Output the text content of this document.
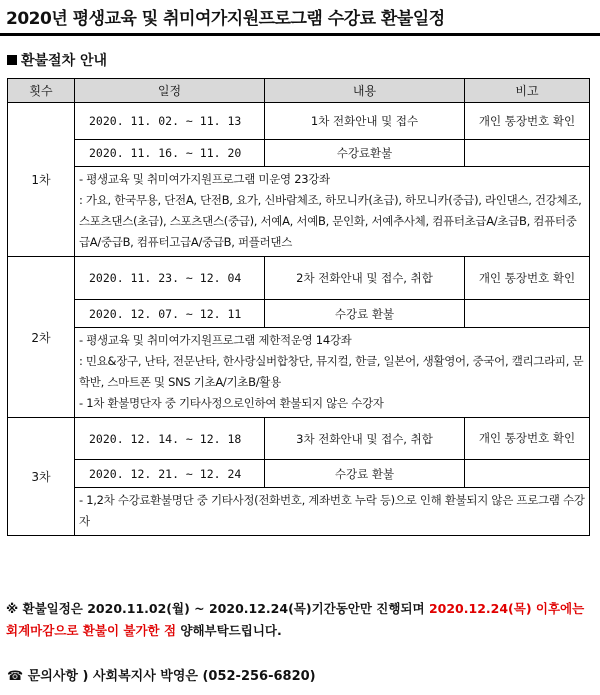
2020년 평생교육 및 취미여가지원프로그램 수강료 환불일정
환불절차 안내
횟수	일정	내용	비고
1차	2020. 11. 02. ~ 11. 13	1차 전화안내 및 접수	개인 통장번호 확인
	2020. 11. 16. ~ 11. 20	수강료환불	

	- 평생교육 및 취미여가지원프로그램 미운영 23강좌
: 가요, 한국무용, 단전A, 단전B, 요가, 신바람체조, 하모니카(초급), 하모니카(중급), 라인댄스, 건강체조, 스포츠댄스(초급), 스포츠댄스(중급), 서예A, 서예B, 문인화, 서예추사체, 컴퓨터초급A/초급B, 컴퓨터중급A/중급B, 컴퓨터고급A/중급B, 퍼플러댄스		

2차	2020. 11. 23. ~ 12. 04	2차 전화안내 및 접수, 취합	개인 통장번호 확인
	2020. 12. 07. ~ 12. 11	수강료 환불	

	- 평생교육 및 취미여가지원프로그램 제한적운영 14강좌
: 민요&장구, 난타, 전문난타, 한사랑실버합창단, 뮤지컬, 한글, 일본어, 생활영어, 중국어, 캘리그라피, 문학반, 스마트폰 및 SNS 기초A/기초B/활용
- 1차 환불명단자 중 기타사정으로인하여 환불되지 않은 수강자		

3차	2020. 12. 14. ~ 12. 18	3차 전화안내 및 접수, 취합	개인 통장번호 확인
	2020. 12. 21. ~ 12. 24	수강료 환불	

	- 1,2차 수강료환불명단 중 기타사정(전화번호, 계좌번호 누락 등)으로 인해 환불되지 않은 프로그램 수강자		
※ 환불일정은 2020.11.02(월) ~ 2020.12.24(목)기간동안만 진행되며 2020.12.24(목) 이후에는 회계마감으로 환불이 불가한 점 양해부탁드립니다.
☎ 문의사항 ) 사회복지사 박영은 (052-256-6820)
